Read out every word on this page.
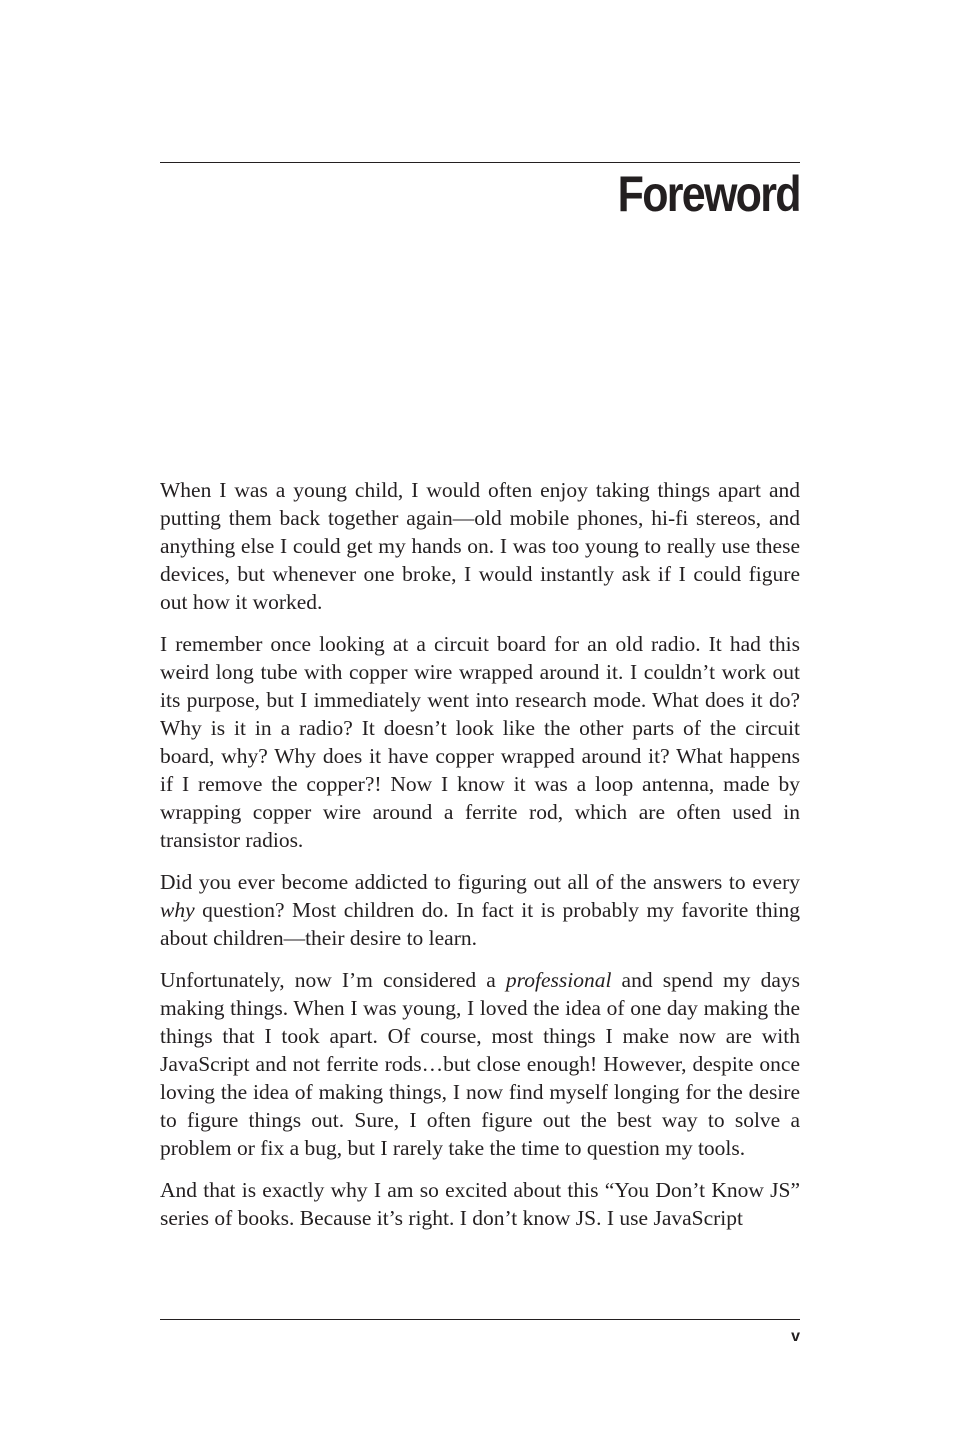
Foreword

When I was a young child, I would often enjoy taking things apart and putting them back together again—old mobile phones, hi-fi stereos, and anything else I could get my hands on. I was too young to really use these devices, but whenever one broke, I would instantly ask if I could figure out how it worked.

I remember once looking at a circuit board for an old radio. It had this weird long tube with copper wire wrapped around it. I couldn’t work out its purpose, but I immediately went into research mode. What does it do? Why is it in a radio? It doesn’t look like the other parts of the circuit board, why? Why does it have copper wrapped around it? What happens if I remove the copper?! Now I know it was a loop antenna, made by wrapping copper wire around a ferrite rod, which are often used in transistor radios.

Did you ever become addicted to figuring out all of the answers to every why question? Most children do. In fact it is probably my favorite thing about children—their desire to learn.

Unfortunately, now I’m considered a professional and spend my days making things. When I was young, I loved the idea of one day making the things that I took apart. Of course, most things I make now are with JavaScript and not ferrite rods…but close enough! However, despite once loving the idea of making things, I now find myself longing for the desire to figure things out. Sure, I often figure out the best way to solve a problem or fix a bug, but I rarely take the time to question my tools.

And that is exactly why I am so excited about this “You Don’t Know JS” series of books. Because it’s right. I don’t know JS. I use JavaScript

v
